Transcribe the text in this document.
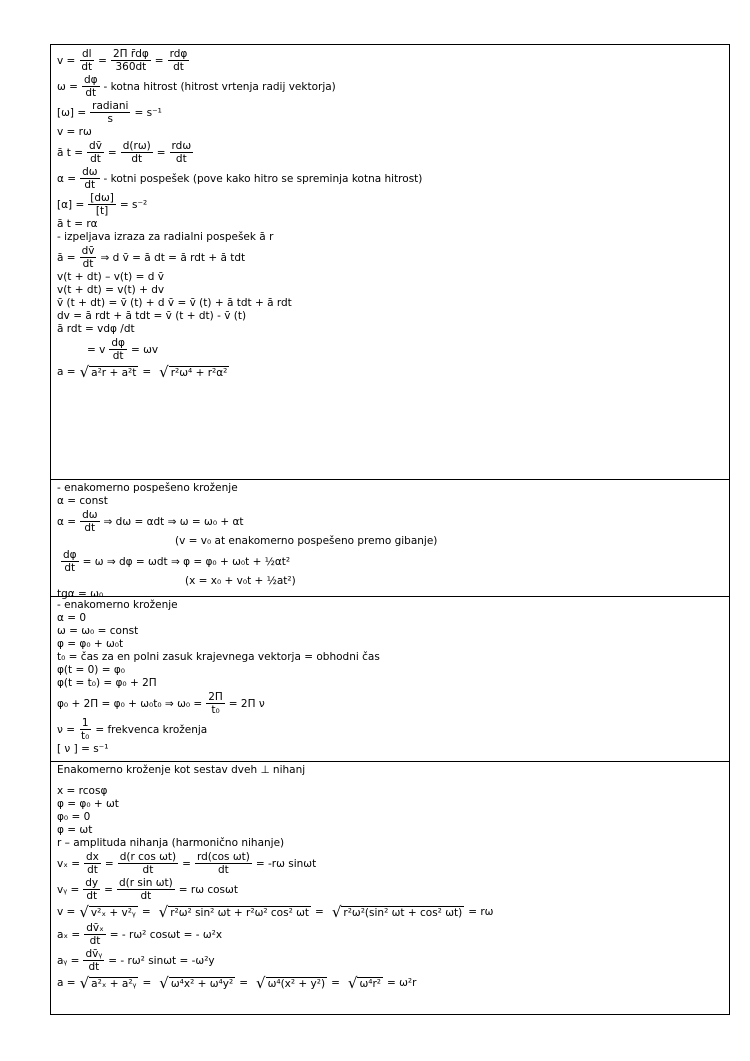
$v = \frac{dl}{dt} = \frac{\text{2Π r̄dφ}}{360dt}$ =
rdφ
dt
$\omega = \frac{d\varphi}{dt}$ - kotna hitrost (hitrost vrtenja radij vektorja)
[ω] =
radiani
s
= s⁻¹
v = rω
ā $t = \frac{dv̄}{dt} = \frac{d(r\omega)}{dt}$ =
rdω
dt
$\alpha = \frac{d\omega}{dt}$ - kotni pospešek (pove kako hitro se spreminja kotna hitrost)
$[\alpha] = \frac{[d\omega]}{[t]} = s^{-2}$
ā t = rα
- izpeljava izraza za radialni pospešek ā r
ā = $\frac{dv̄}{dt}$ ⇒ d v̄ = ā dt = ā rdt + ā tdt
v(t + dt) – v(t) = d v̄
v(t + dt) = v(t) + dv
v̄ (t + dt) = v̄ (t) + d v̄ = v̄ (t) + ā tdt + ā rdt
dv = ā rdt + ā tdt = v̄ (t + dt) - v̄ (t)
ā rdt = vdφ /dt
= v $\frac{d\varphi}{dt} = \omega v$
a = √ a²r + a²t = √ r²ω⁴ + r²α²
- enakomerno pospešeno kroženje
α = const
$\alpha = \frac{d\omega}{dt}$ ⇒ dω = αdt ⇒ ω = ω₀ + αt
(v = v₀ at enakomerno pospešeno premo gibanje)
$\frac{d\varphi}{dt} = \omega$ ⇒ dφ = ωdt ⇒ φ = φ₀ + ω₀t + ½αt²
(x = x₀ + v₀t + ½at²)
tgα = ω₀
- enakomerno kroženje
α = 0
ω = ω₀ = const
φ = φ₀ + ω₀t
t₀ = čas za en polni zasuk krajevnega vektorja = obhodni čas
φ(t = 0) = φ₀
φ(t = t₀) = φ₀ + 2Π
φ₀ + 2Π = φ₀ + ω₀t₀ ⇒ $\omega_0 = \frac{2\Pi}{\text{t₀}} = 2\Pi$ ν
$\nu = \frac{1}{\text{t₀}}$ = frekvenca kroženja
[ ν ] = s⁻¹
Enakomerno kroženje kot sestav dveh ⊥ nihanj
x = rcosφ
φ = φ₀ + ωt
φ₀ = 0
φ = ωt
r – amplituda nihanja (harmonično nihanje)
$v_x = \frac{dx}{dt} = \frac{\text{d(r cos ωt)}}{dt} = \frac{\text{rd(cos ωt)}}{dt} = -r\omega$ sinωt
vᵧ = $\frac{dy}{dt} = \frac{\text{d(r sin ωt)}}{dt} = r\omega$ cosωt
v = √ v²ₓ + v²ᵧ = √ r²ω² sin² ωt + r²ω² cos² ωt = √ r²ω²(sin² ωt + cos² ωt) = rω
$a_x = \frac{\text{dv̄ₓ}}{dt}$ = - rω² cosωt = - ω²x
aᵧ = $\frac{\text{dv̄ᵧ}}{dt}$ = - rω² sinωt = -ω²y
a = √ a²ₓ + a²ᵧ = √ ω⁴x² + ω⁴y² = √ ω⁴(x² + y²) = √ ω⁴r² = ω²r
